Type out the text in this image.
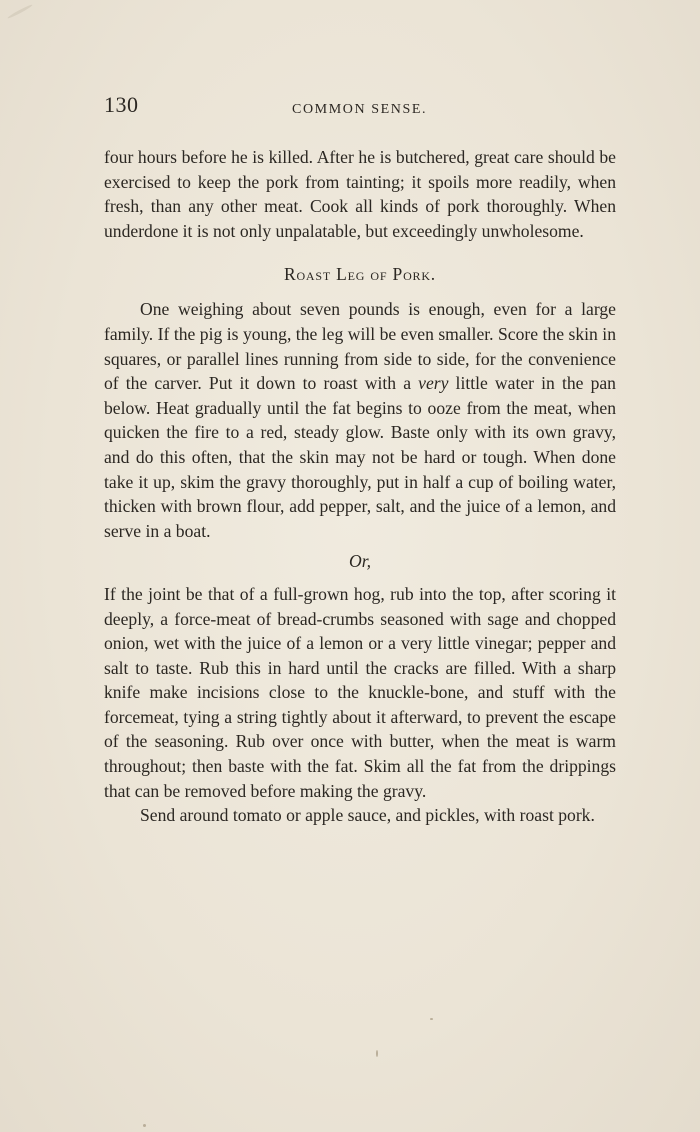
130	COMMON SENSE.

four hours before he is killed. After he is butchered, great care should be exercised to keep the pork from tainting; it spoils more readily, when fresh, than any other meat. Cook all kinds of pork thoroughly. When underdone it is not only unpalatable, but exceedingly unwholesome.

Roast Leg of Pork.

One weighing about seven pounds is enough, even for a large family. If the pig is young, the leg will be even smaller. Score the skin in squares, or parallel lines running from side to side, for the convenience of the carver. Put it down to roast with a very little water in the pan below. Heat gradually until the fat begins to ooze from the meat, when quicken the fire to a red, steady glow. Baste only with its own gravy, and do this often, that the skin may not be hard or tough. When done take it up, skim the gravy thoroughly, put in half a cup of boiling water, thicken with brown flour, add pepper, salt, and the juice of a lemon, and serve in a boat.

Or,

If the joint be that of a full-grown hog, rub into the top, after scoring it deeply, a force-meat of bread-crumbs seasoned with sage and chopped onion, wet with the juice of a lemon or a very little vinegar; pepper and salt to taste. Rub this in hard until the cracks are filled. With a sharp knife make incisions close to the knuckle-bone, and stuff with the forcemeat, tying a string tightly about it afterward, to prevent the escape of the seasoning. Rub over once with butter, when the meat is warm throughout; then baste with the fat. Skim all the fat from the drippings that can be removed before making the gravy.

Send around tomato or apple sauce, and pickles, with roast pork.
